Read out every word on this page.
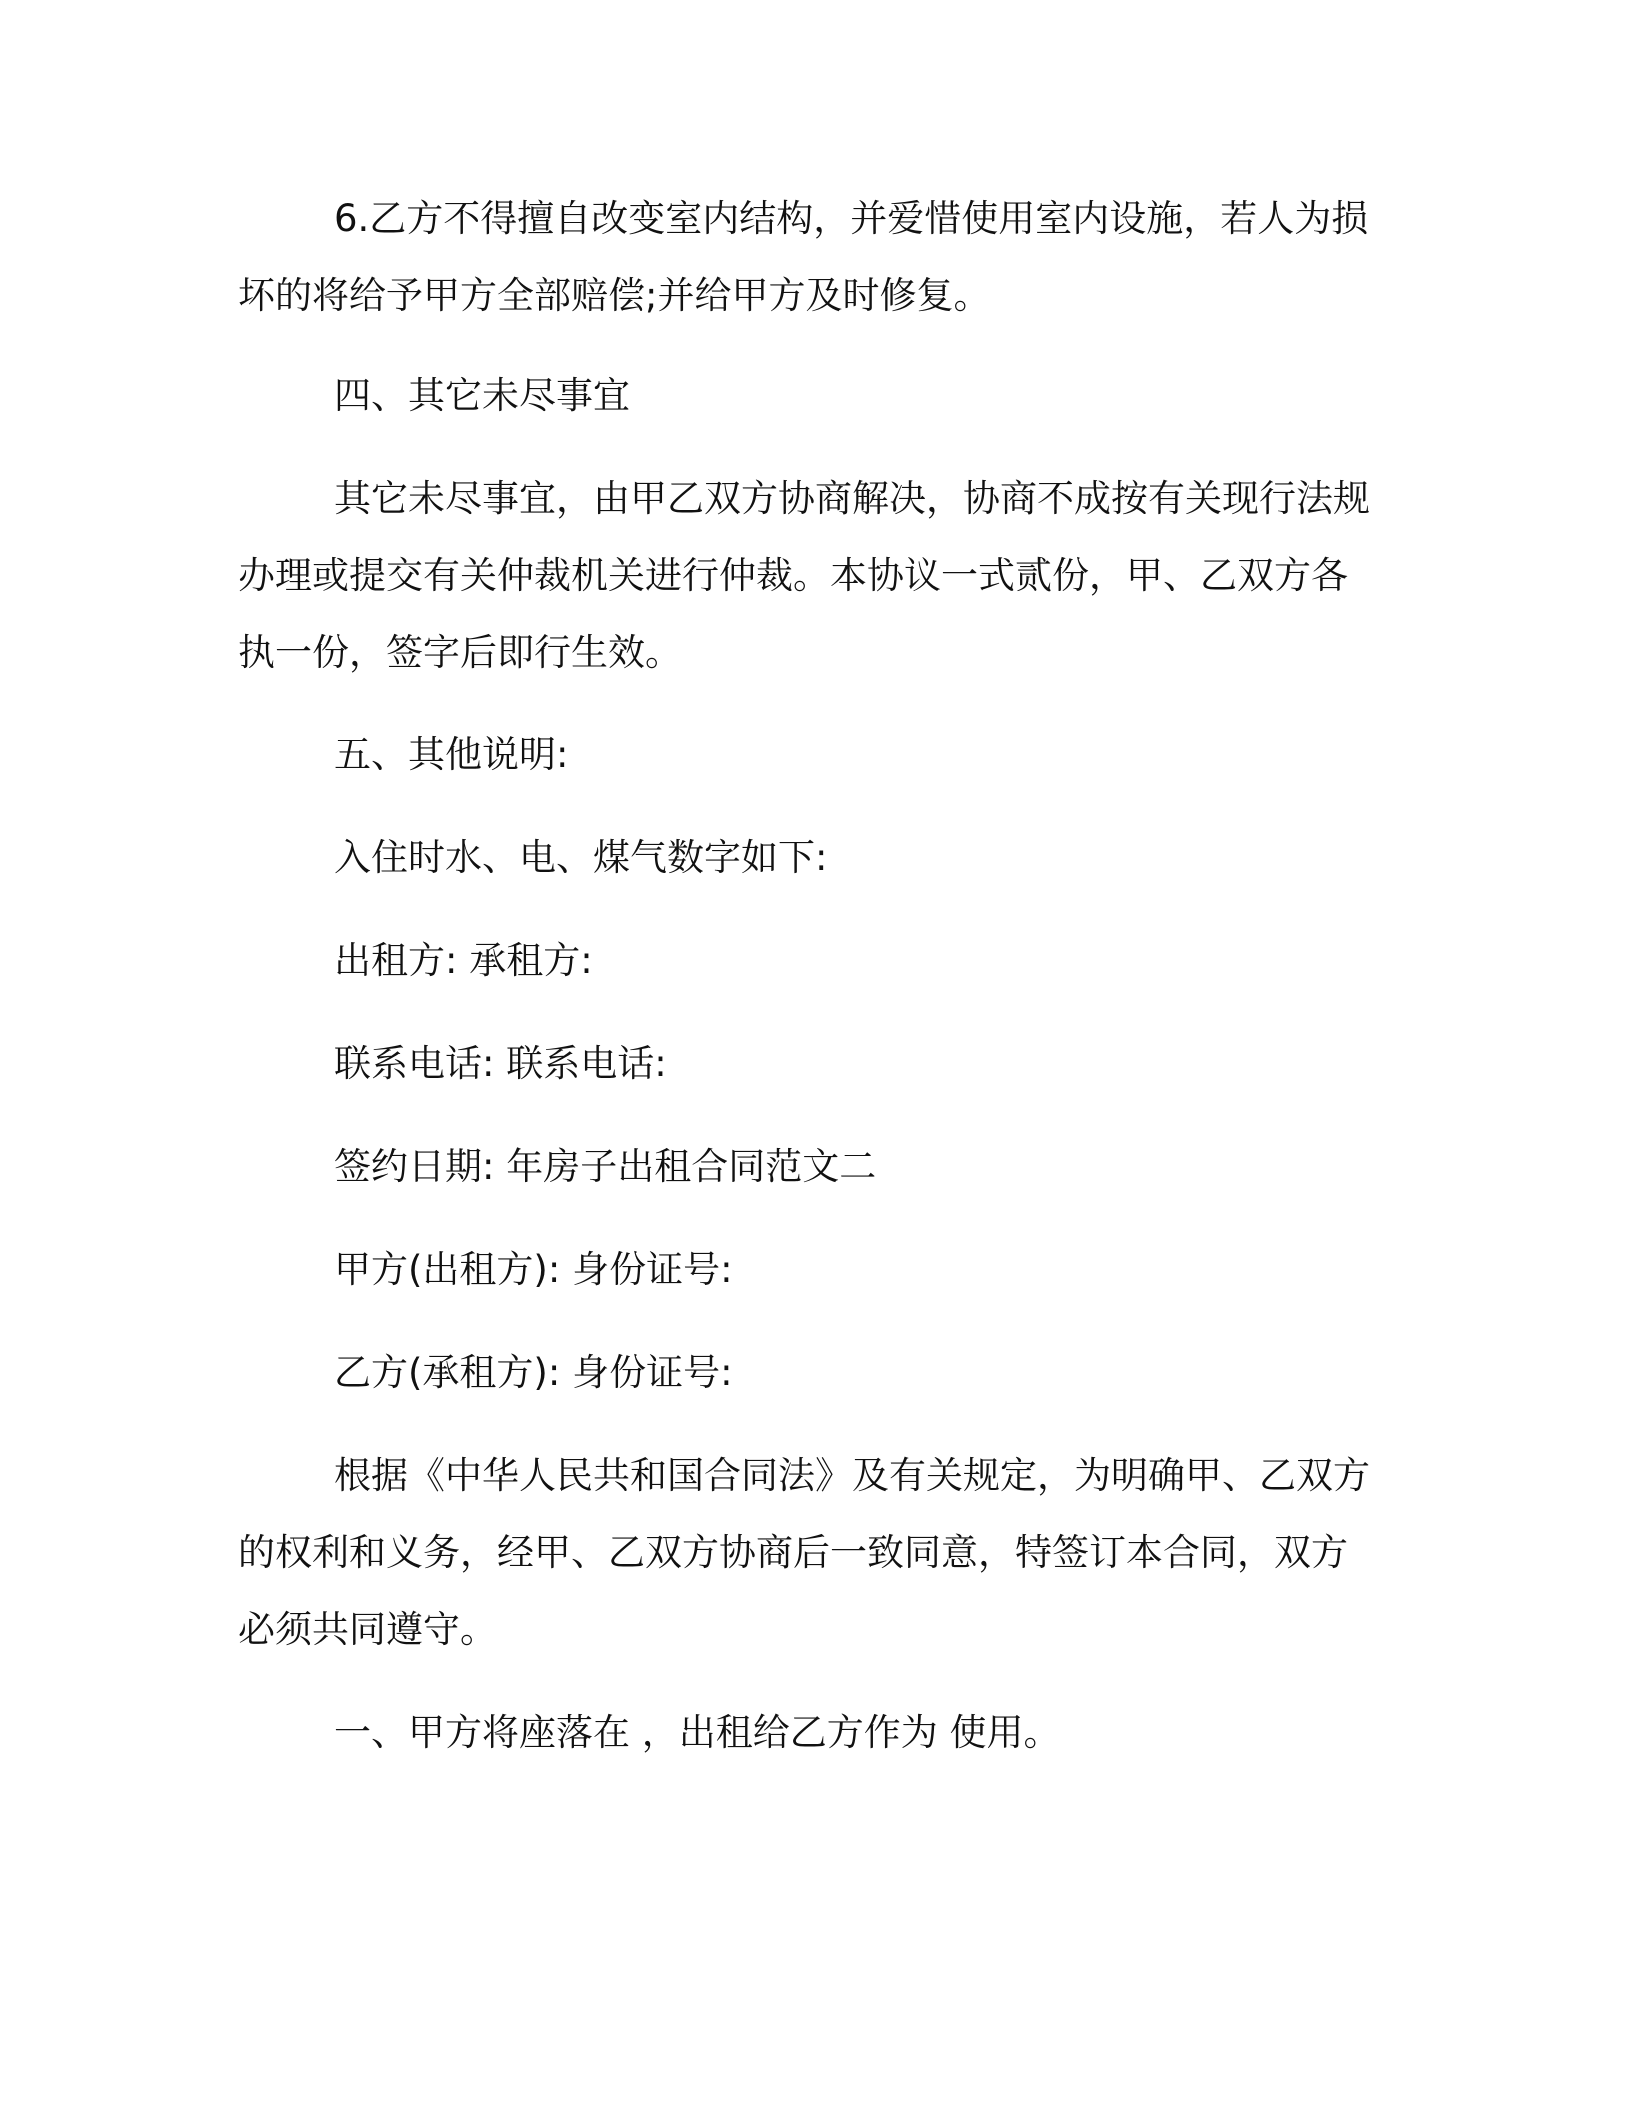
6.乙方不得擅自改变室内结构，并爱惜使用室内设施，若人为损坏的将给予甲方全部赔偿;并给甲方及时修复。

四、其它未尽事宜

其它未尽事宜，由甲乙双方协商解决，协商不成按有关现行法规办理或提交有关仲裁机关进行仲裁。本协议一式贰份，甲、乙双方各执一份，签字后即行生效。

五、其他说明:

入住时水、电、煤气数字如下:

出租方: 承租方:

联系电话: 联系电话:

签约日期: 年房子出租合同范文二

甲方(出租方): 身份证号:

乙方(承租方): 身份证号:

根据《中华人民共和国合同法》及有关规定，为明确甲、乙双方的权利和义务，经甲、乙双方协商后一致同意，特签订本合同，双方必须共同遵守。

一、甲方将座落在 ，出租给乙方作为 使用。
